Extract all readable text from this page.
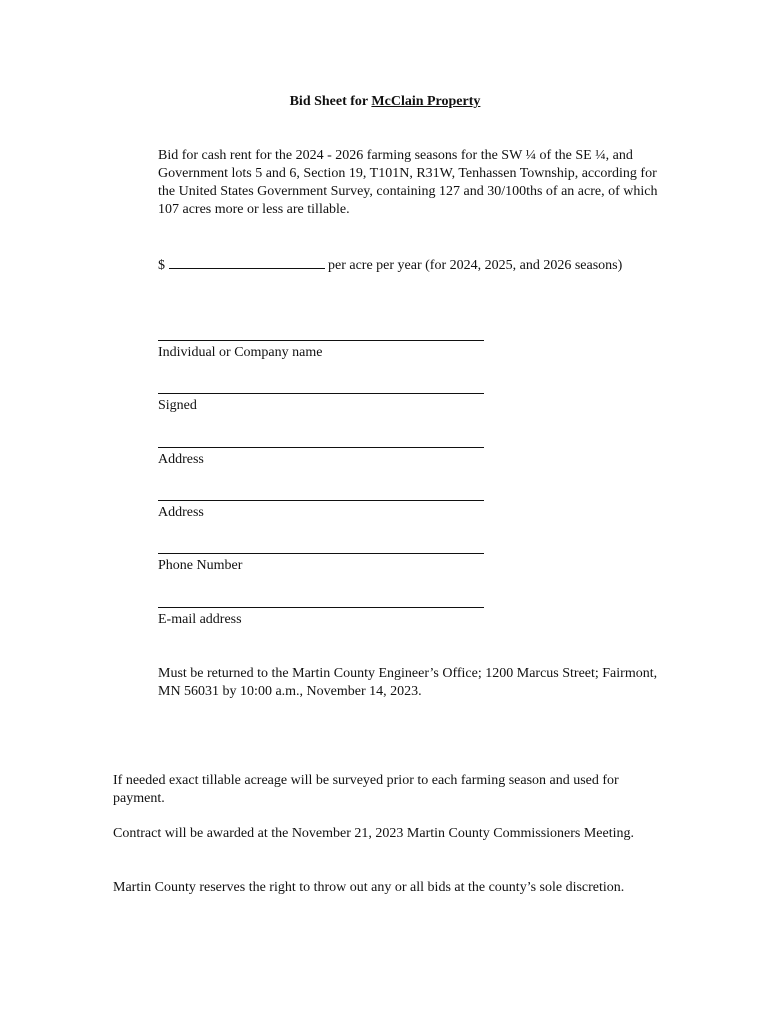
Bid Sheet for McClain Property
Bid for cash rent for the 2024 - 2026 farming seasons for the SW ¼ of the SE ¼, and Government lots 5 and 6, Section 19, T101N, R31W, Tenhassen Township, according for the United States Government Survey, containing 127 and 30/100ths of an acre, of which 107 acres more or less are tillable.
$	per acre per year (for 2024, 2025, and 2026 seasons)
Individual or Company name
Signed
Address
Address
Phone Number
E-mail address
Must be returned to the Martin County Engineer’s Office; 1200 Marcus Street; Fairmont, MN 56031 by 10:00 a.m., November 14, 2023.
If needed exact tillable acreage will be surveyed prior to each farming season and used for payment.
Contract will be awarded at the November 21, 2023 Martin County Commissioners Meeting.
Martin County reserves the right to throw out any or all bids at the county’s sole discretion.
